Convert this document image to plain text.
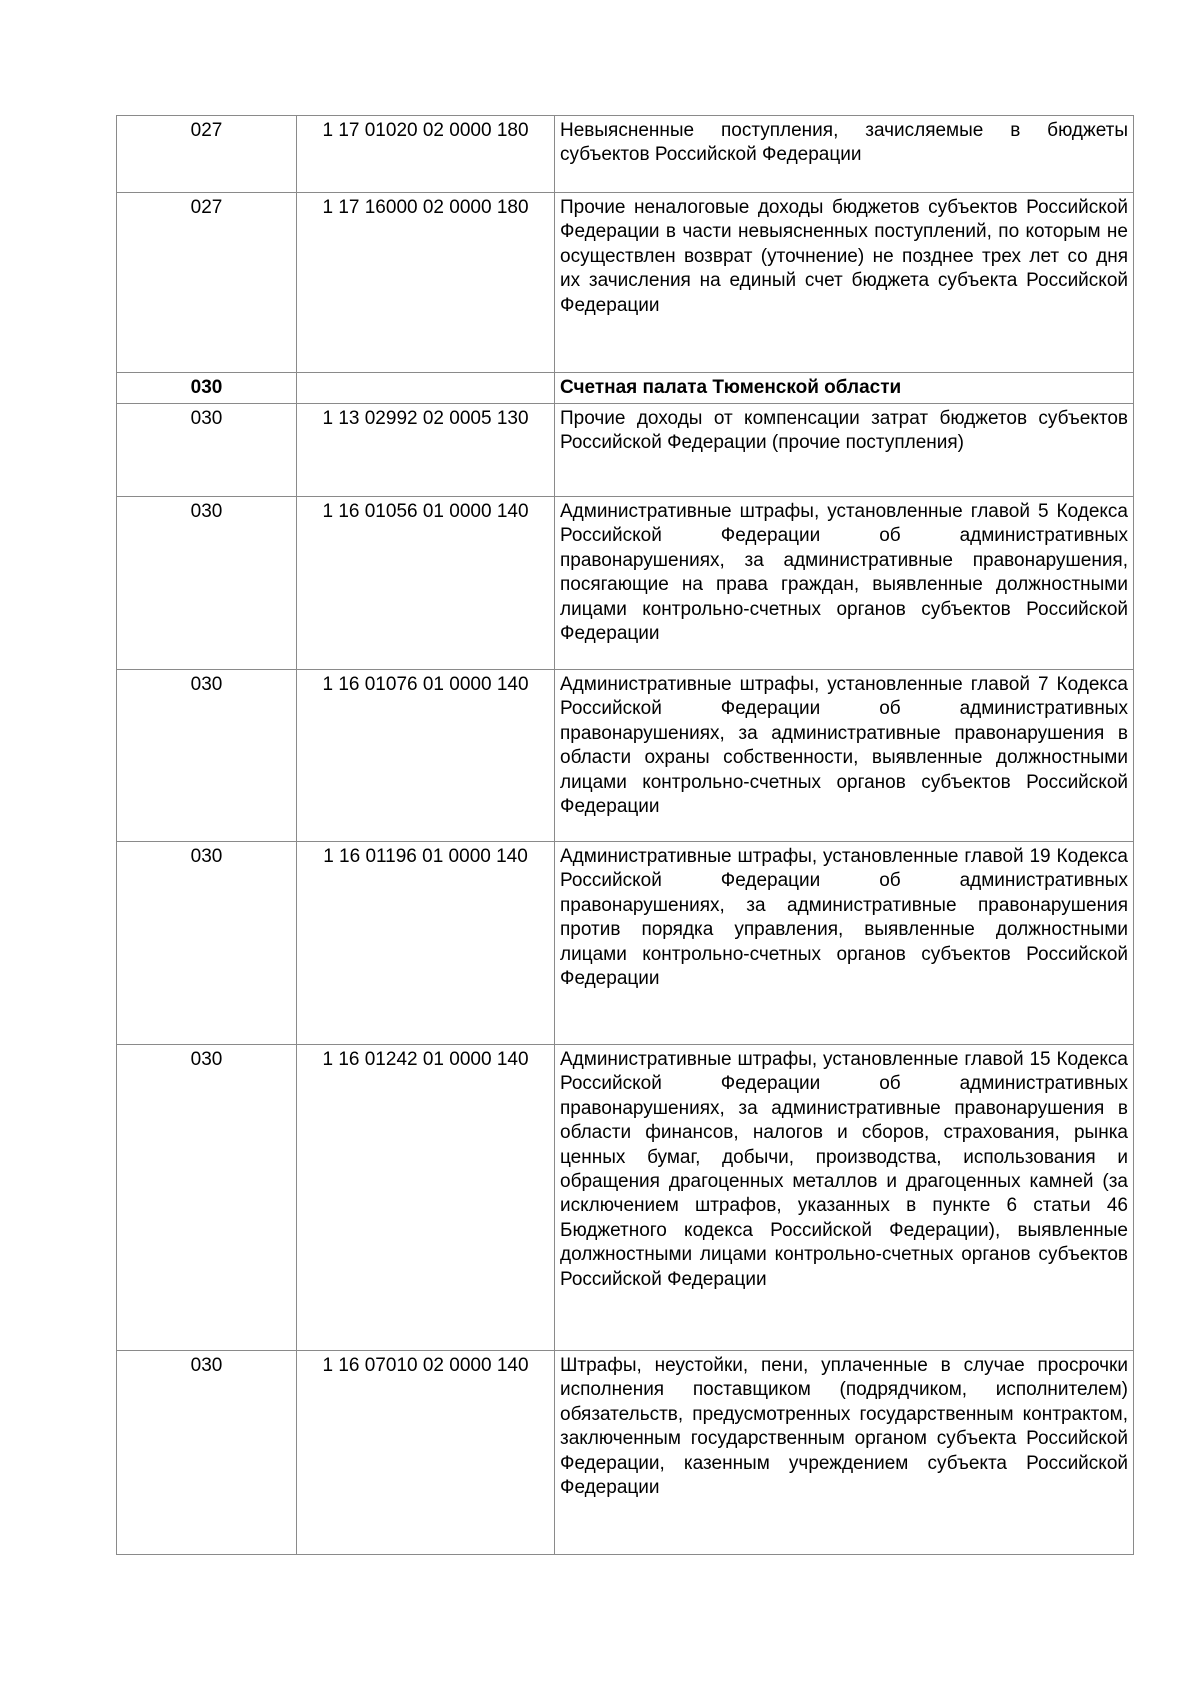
027	1 17 01020 02 0000 180	Невыясненные поступления, зачисляемые в бюджеты субъектов Российской Федерации
027	1 17 16000 02 0000 180	Прочие неналоговые доходы бюджетов субъектов Российской Федерации в части невыясненных поступлений, по которым не осуществлен возврат (уточнение) не позднее трех лет со дня их зачисления на единый счет бюджета субъекта Российской Федерации
030		Счетная палата Тюменской области
030	1 13 02992 02 0005 130	Прочие доходы от компенсации затрат бюджетов субъектов Российской Федерации (прочие поступления)
030	1 16 01056 01 0000 140	Административные штрафы, установленные главой 5 Кодекса Российской Федерации об административных правонарушениях, за административные правонарушения, посягающие на права граждан, выявленные должностными лицами контрольно-счетных органов субъектов Российской Федерации
030	1 16 01076 01 0000 140	Административные штрафы, установленные главой 7 Кодекса Российской Федерации об административных правонарушениях, за административные правонарушения в области охраны собственности, выявленные должностными лицами контрольно-счетных органов субъектов Российской Федерации
030	1 16 01196 01 0000 140	Административные штрафы, установленные главой 19 Кодекса Российской Федерации об административных правонарушениях, за административные правонарушения против порядка управления, выявленные должностными лицами контрольно-счетных органов субъектов Российской Федерации
030	1 16 01242 01 0000 140	Административные штрафы, установленные главой 15 Кодекса Российской Федерации об административных правонарушениях, за административные правонарушения в области финансов, налогов и сборов, страхования, рынка ценных бумаг, добычи, производства, использования и обращения драгоценных металлов и драгоценных камней (за исключением штрафов, указанных в пункте 6 статьи 46 Бюджетного кодекса Российской Федерации), выявленные должностными лицами контрольно-счетных органов субъектов Российской Федерации
030	1 16 07010 02 0000 140	Штрафы, неустойки, пени, уплаченные в случае просрочки исполнения поставщиком (подрядчиком, исполнителем) обязательств, предусмотренных государственным контрактом, заключенным государственным органом субъекта Российской Федерации, казенным учреждением субъекта Российской Федерации
